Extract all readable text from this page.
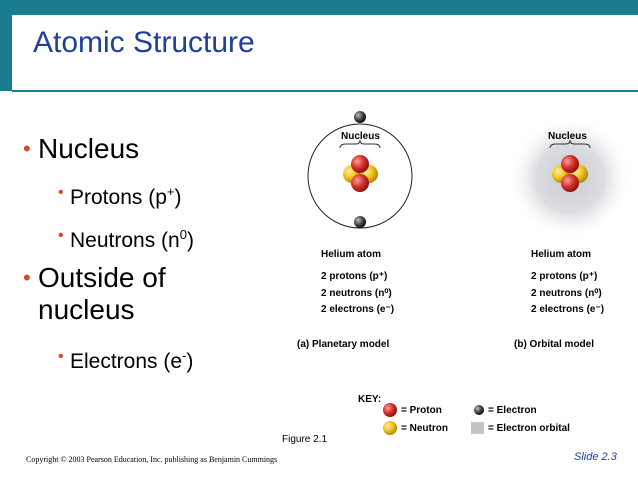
Atomic Structure
• Nucleus
• Protons (p+)
• Neutrons $(n^0)$
• Outside of
nucleus
• Electrons (e-)
Nucleus	Nucleus
Helium atom
2 protons (p⁺)
2 neutrons (n⁰)
2 electrons (e⁻)
(a) Planetary model
Helium atom
2 protons (p⁺)
2 neutrons (n⁰)
2 electrons (e⁻)
(b) Orbital model
KEY:
= Proton
= Neutron
= Electron
= Electron orbital
Figure 2.1
Copyright © 2003 Pearson Education, Inc. publishing as Benjamin Cummings	Slide 2.3
